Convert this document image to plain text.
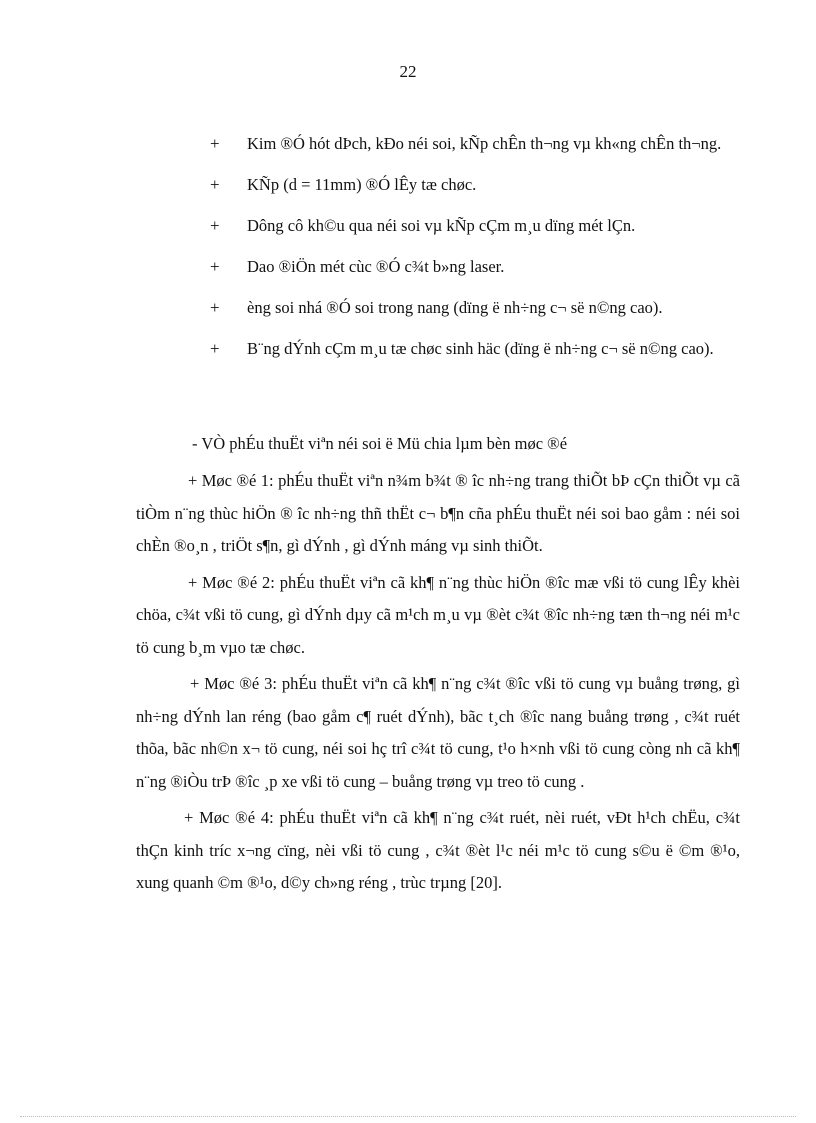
22
+ Kim ®Ó hót dÞch, kÐo néi soi, kÑp chÊn th¬ng vµ kh«ng chÊn th¬ng.
+ KÑp (d = 11mm) ®Ó lÊy tæ chøc.
+ Dông cô kh©u qua néi soi vµ kÑp cÇm m¸u dïng mét lÇn.
+ Dao ®iÖn mét cùc ®Ó c¾t b»ng laser.
+ èng soi nhá ®Ó soi trong nang (dïng ë nh÷ng c¬ së n©ng cao).
+ B¨ng dÝnh cÇm m¸u tæ chøc sinh häc (dïng ë nh÷ng c¬ së n©ng cao).
- VÒ phÉu thuËt viªn néi soi ë Mü chia lµm bèn møc ®é

+ Møc ®é 1: phÉu thuËt viªn n¾m b¾t ® îc nh÷ng trang thiÕt bÞ cÇn thiÕt vµ cã tiÒm n¨ng thùc hiÖn ® îc nh÷ng thñ thËt c¬ b¶n cña phÉu thuËt néi soi bao gåm : néi soi chÈn ®o¸n , triÖt s¶n, gì dÝnh , gì dÝnh máng vµ sinh thiÕt.

+ Møc ®é 2: phÉu thuËt viªn cã kh¶ n¨ng thùc hiÖn ®îc mæ vßi tö cung lÊy khèi chöa, c¾t vßi tö cung, gì dÝnh dµy cã m¹ch m¸u vµ ®èt c¾t ®îc nh÷ng tæn th¬ng néi m¹c tö cung b¸m vµo tæ chøc.

+ Møc ®é 3: phÉu thuËt viªn cã kh¶ n¨ng c¾t ®îc vßi tö cung vµ buång trøng, gì nh÷ng dÝnh lan réng (bao gåm c¶ ruét dÝnh), bãc t¸ch ®îc nang buång trøng , c¾t ruét thõa, bãc nh©n x¬ tö cung, néi soi hç trî c¾t tö cung, t¹o h×nh vßi tö cung còng nh cã kh¶ n¨ng ®iÒu trÞ ®îc ¸p xe vßi tö cung – buång trøng vµ treo tö cung .

+ Møc ®é 4: phÉu thuËt viªn cã kh¶ n¨ng c¾t ruét, nèi ruét, vÐt h¹ch chËu, c¾t thÇn kinh tríc x¬ng cïng, nèi vßi tö cung , c¾t ®èt l¹c néi m¹c tö cung s©u ë ©m ®¹o, xung quanh ©m ®¹o, d©y ch»ng réng , trùc trµng [20].
